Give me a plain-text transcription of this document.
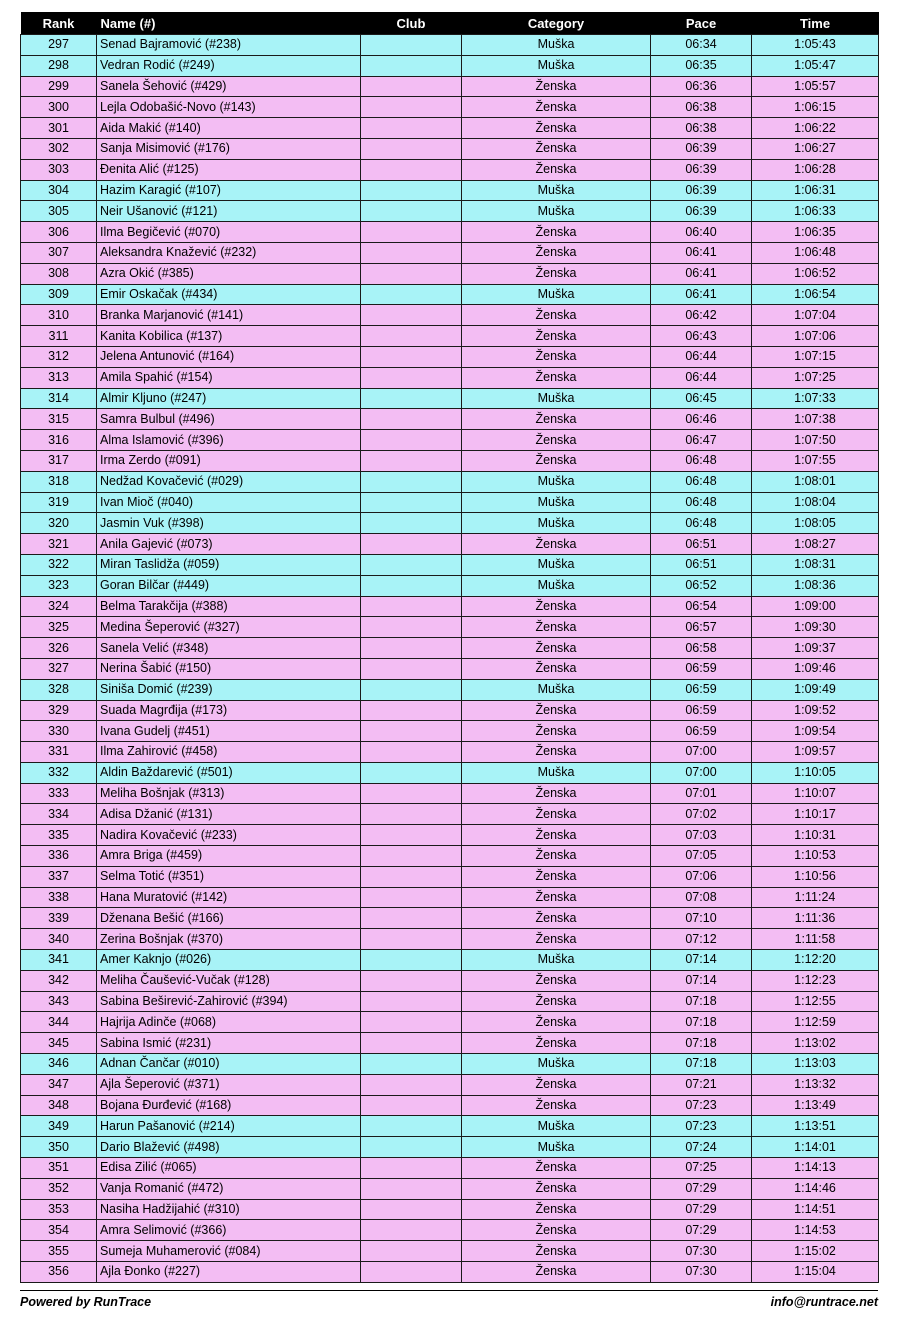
Rank	Name (#)	Club	Category	Pace	Time
297	Senad Bajramović (#238)		Muška	06:34	1:05:43
298	Vedran Rodić (#249)		Muška	06:35	1:05:47
299	Sanela Šehović (#429)		Ženska	06:36	1:05:57
300	Lejla Odobašić-Novo (#143)		Ženska	06:38	1:06:15
301	Aida Makić (#140)		Ženska	06:38	1:06:22
302	Sanja Misimović (#176)		Ženska	06:39	1:06:27
303	Đenita Alić (#125)		Ženska	06:39	1:06:28
304	Hazim Karagić (#107)		Muška	06:39	1:06:31
305	Neir Ušanović (#121)		Muška	06:39	1:06:33
306	Ilma Begičević (#070)		Ženska	06:40	1:06:35
307	Aleksandra Knažević (#232)		Ženska	06:41	1:06:48
308	Azra Okić (#385)		Ženska	06:41	1:06:52
309	Emir Oskačak (#434)		Muška	06:41	1:06:54
310	Branka Marjanović (#141)		Ženska	06:42	1:07:04
311	Kanita Kobilica (#137)		Ženska	06:43	1:07:06
312	Jelena Antunović (#164)		Ženska	06:44	1:07:15
313	Amila Spahić (#154)		Ženska	06:44	1:07:25
314	Almir Kljuno (#247)		Muška	06:45	1:07:33
315	Samra Bulbul (#496)		Ženska	06:46	1:07:38
316	Alma Islamović (#396)		Ženska	06:47	1:07:50
317	Irma Zerdo (#091)		Ženska	06:48	1:07:55
318	Nedžad Kovačević (#029)		Muška	06:48	1:08:01
319	Ivan Mioč (#040)		Muška	06:48	1:08:04
320	Jasmin Vuk (#398)		Muška	06:48	1:08:05
321	Anila Gajević (#073)		Ženska	06:51	1:08:27
322	Miran Taslidža (#059)		Muška	06:51	1:08:31
323	Goran Bilčar (#449)		Muška	06:52	1:08:36
324	Belma Tarakčija (#388)		Ženska	06:54	1:09:00
325	Medina Šeperović (#327)		Ženska	06:57	1:09:30
326	Sanela Velić (#348)		Ženska	06:58	1:09:37
327	Nerina Šabić (#150)		Ženska	06:59	1:09:46
328	Siniša Domić (#239)		Muška	06:59	1:09:49
329	Suada Magrđija (#173)		Ženska	06:59	1:09:52
330	Ivana Gudelj (#451)		Ženska	06:59	1:09:54
331	Ilma Zahirović (#458)		Ženska	07:00	1:09:57
332	Aldin Baždarević (#501)		Muška	07:00	1:10:05
333	Meliha Bošnjak (#313)		Ženska	07:01	1:10:07
334	Adisa Džanić (#131)		Ženska	07:02	1:10:17
335	Nadira Kovačević (#233)		Ženska	07:03	1:10:31
336	Amra Briga (#459)		Ženska	07:05	1:10:53
337	Selma Totić (#351)		Ženska	07:06	1:10:56
338	Hana Muratović (#142)		Ženska	07:08	1:11:24
339	Dženana Bešić (#166)		Ženska	07:10	1:11:36
340	Zerina Bošnjak (#370)		Ženska	07:12	1:11:58
341	Amer Kaknjo (#026)		Muška	07:14	1:12:20
342	Meliha Čaušević-Vučak (#128)		Ženska	07:14	1:12:23
343	Sabina Beširević-Zahirović (#394)		Ženska	07:18	1:12:55
344	Hajrija Adinče (#068)		Ženska	07:18	1:12:59
345	Sabina Ismić (#231)		Ženska	07:18	1:13:02
346	Adnan Čančar (#010)		Muška	07:18	1:13:03
347	Ajla Šeperović (#371)		Ženska	07:21	1:13:32
348	Bojana Đurđević (#168)		Ženska	07:23	1:13:49
349	Harun Pašanović (#214)		Muška	07:23	1:13:51
350	Dario Blažević (#498)		Muška	07:24	1:14:01
351	Edisa Zilić (#065)		Ženska	07:25	1:14:13
352	Vanja Romanić (#472)		Ženska	07:29	1:14:46
353	Nasiha Hadžijahić (#310)		Ženska	07:29	1:14:51
354	Amra Selimović (#366)		Ženska	07:29	1:14:53
355	Sumeja Muhamerović (#084)		Ženska	07:30	1:15:02
356	Ajla Đonko (#227)		Ženska	07:30	1:15:04
Powered by RunTrace	info@runtrace.net
